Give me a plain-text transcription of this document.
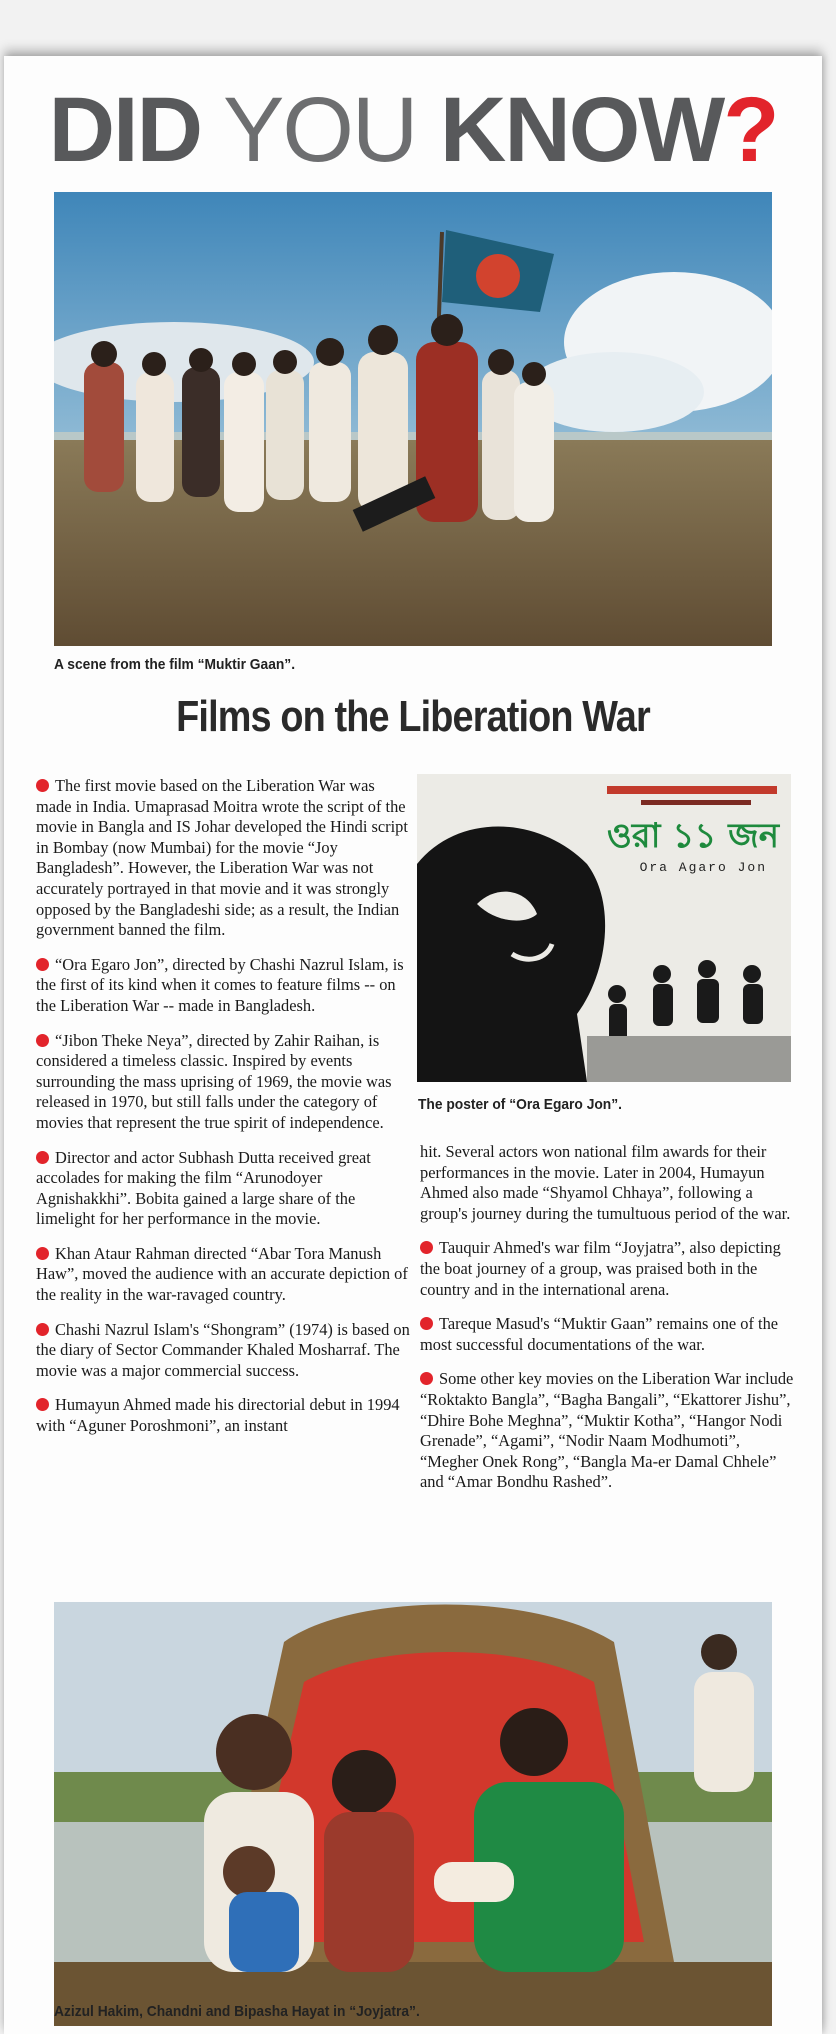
DID YOU KNOW?
A scene from the film “Muktir Gaan”.
Films on the Liberation War

The first movie based on the Liberation War was made in India. Umaprasad Moitra wrote the script of the movie in Bangla and IS Johar developed the Hindi script in Bombay (now Mumbai) for the movie “Joy Bangladesh”. However, the Liberation War was not accurately portrayed in that movie and it was strongly opposed by the Bangladeshi side; as a result, the Indian government banned the film.

“Ora Egaro Jon”, directed by Chashi Nazrul Islam, is the first of its kind when it comes to feature films -- on the Liberation War -- made in Bangladesh.

“Jibon Theke Neya”, directed by Zahir Raihan, is considered a timeless classic. Inspired by events surrounding the mass uprising of 1969, the movie was released in 1970, but still falls under the category of movies that represent the true spirit of independence.

Director and actor Subhash Dutta received great accolades for making the film “Arunodoyer Agnishakkhi”. Bobita gained a large share of the limelight for her performance in the movie.

Khan Ataur Rahman directed “Abar Tora Manush Haw”, moved the audience with an accurate depiction of the reality in the war-ravaged country.

Chashi Nazrul Islam's “Shongram” (1974) is based on the diary of Sector Commander Khaled Mosharraf. The movie was a major commercial success.

Humayun Ahmed made his directorial debut in 1994 with “Aguner Poroshmoni”, an instant

ওরা ১১ জন
Ora Agaro Jon
The poster of “Ora Egaro Jon”.

hit. Several actors won national film awards for their performances in the movie. Later in 2004, Humayun Ahmed also made “Shyamol Chhaya”, following a group's journey during the tumultuous period of the war.

Tauquir Ahmed's war film “Joyjatra”, also depicting the boat journey of a group, was praised both in the country and in the international arena.

Tareque Masud's “Muktir Gaan” remains one of the most successful documentations of the war.

Some other key movies on the Liberation War include “Roktakto Bangla”, “Bagha Bangali”, “Ekattorer Jishu”, “Dhire Bohe Meghna”, “Muktir Kotha”, “Hangor Nodi Grenade”, “Agami”, “Nodir Naam Modhumoti”, “Megher Onek Rong”, “Bangla Ma-er Damal Chhele” and “Amar Bondhu Rashed”.

Azizul Hakim, Chandni and Bipasha Hayat in “Joyjatra”.
